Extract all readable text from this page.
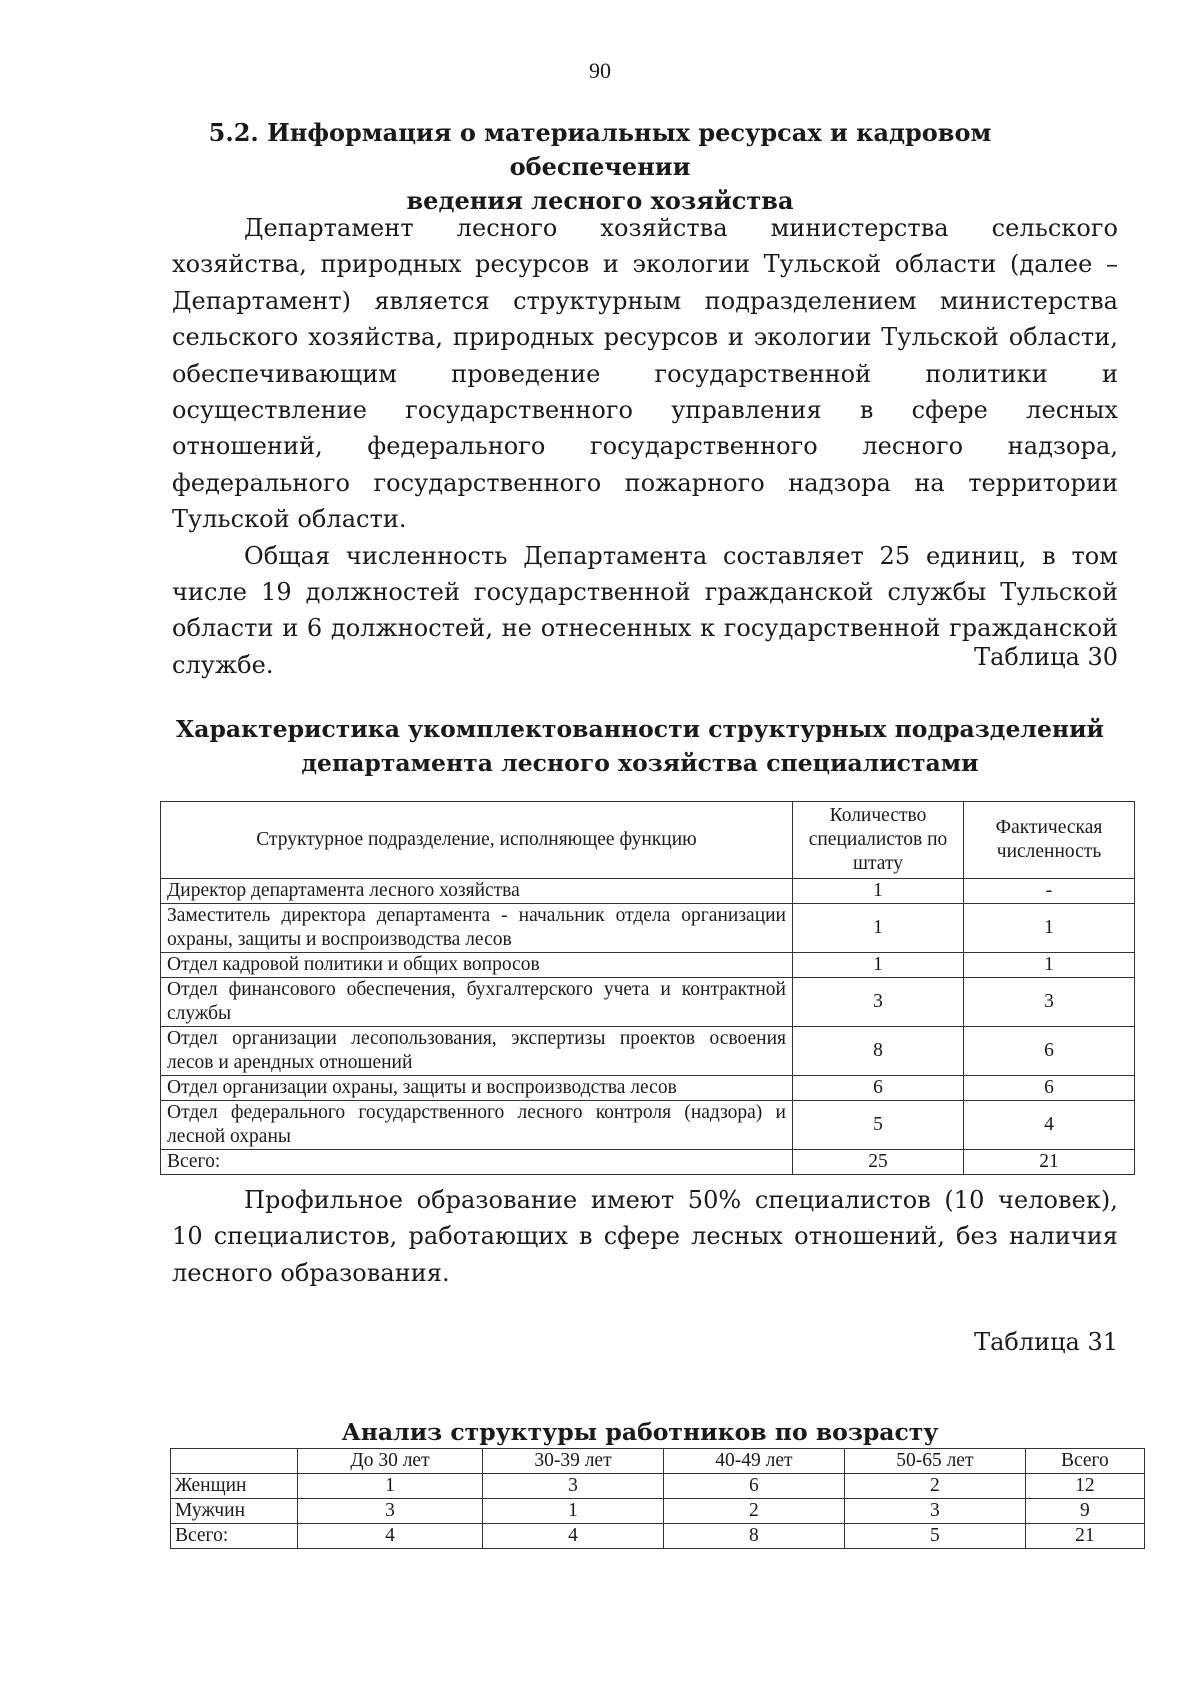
90
5.2. Информация о материальных ресурсах и кадровом обеспечении
ведения лесного хозяйства

Департамент лесного хозяйства министерства сельского хозяйства, природных ресурсов и экологии Тульской области (далее – Департамент) является структурным подразделением министерства сельского хозяйства, природных ресурсов и экологии Тульской области, обеспечивающим проведение государственной политики и осуществление государственного управления в сфере лесных отношений, федерального государственного лесного надзора, федерального государственного пожарного надзора на территории Тульской области.

Общая численность Департамента составляет 25 единиц, в том числе 19 должностей государственной гражданской службы Тульской области и 6 должностей, не отнесенных к государственной гражданской службе.	Таблица 30
Характеристика укомплектованности структурных подразделений
департамента лесного хозяйства специалистами
Структурное подразделение, исполняющее функцию	Количество специалистов по штату	Фактическая численность
Директор департамента лесного хозяйства	1	-
Заместитель директора департамента - начальник отдела организации охраны, защиты и воспроизводства лесов	1	1
Отдел кадровой политики и общих вопросов	1	1
Отдел финансового обеспечения, бухгалтерского учета и контрактной службы	3	3
Отдел организации лесопользования, экспертизы проектов освоения лесов и арендных отношений	8	6
Отдел организации охраны, защиты и воспроизводства лесов	6	6
Отдел федерального государственного лесного контроля (надзора) и лесной охраны	5	4
Всего:	25	21

Профильное образование имеют 50% специалистов (10 человек), 10 специалистов, работающих в сфере лесных отношений, без наличия лесного образования.

Таблица 31
Анализ структуры работников по возрасту
	До 30 лет	30-39 лет	40-49 лет	50-65 лет	Всего
Женщин	1	3	6	2	12
Мужчин	3	1	2	3	9
Всего:	4	4	8	5	21
